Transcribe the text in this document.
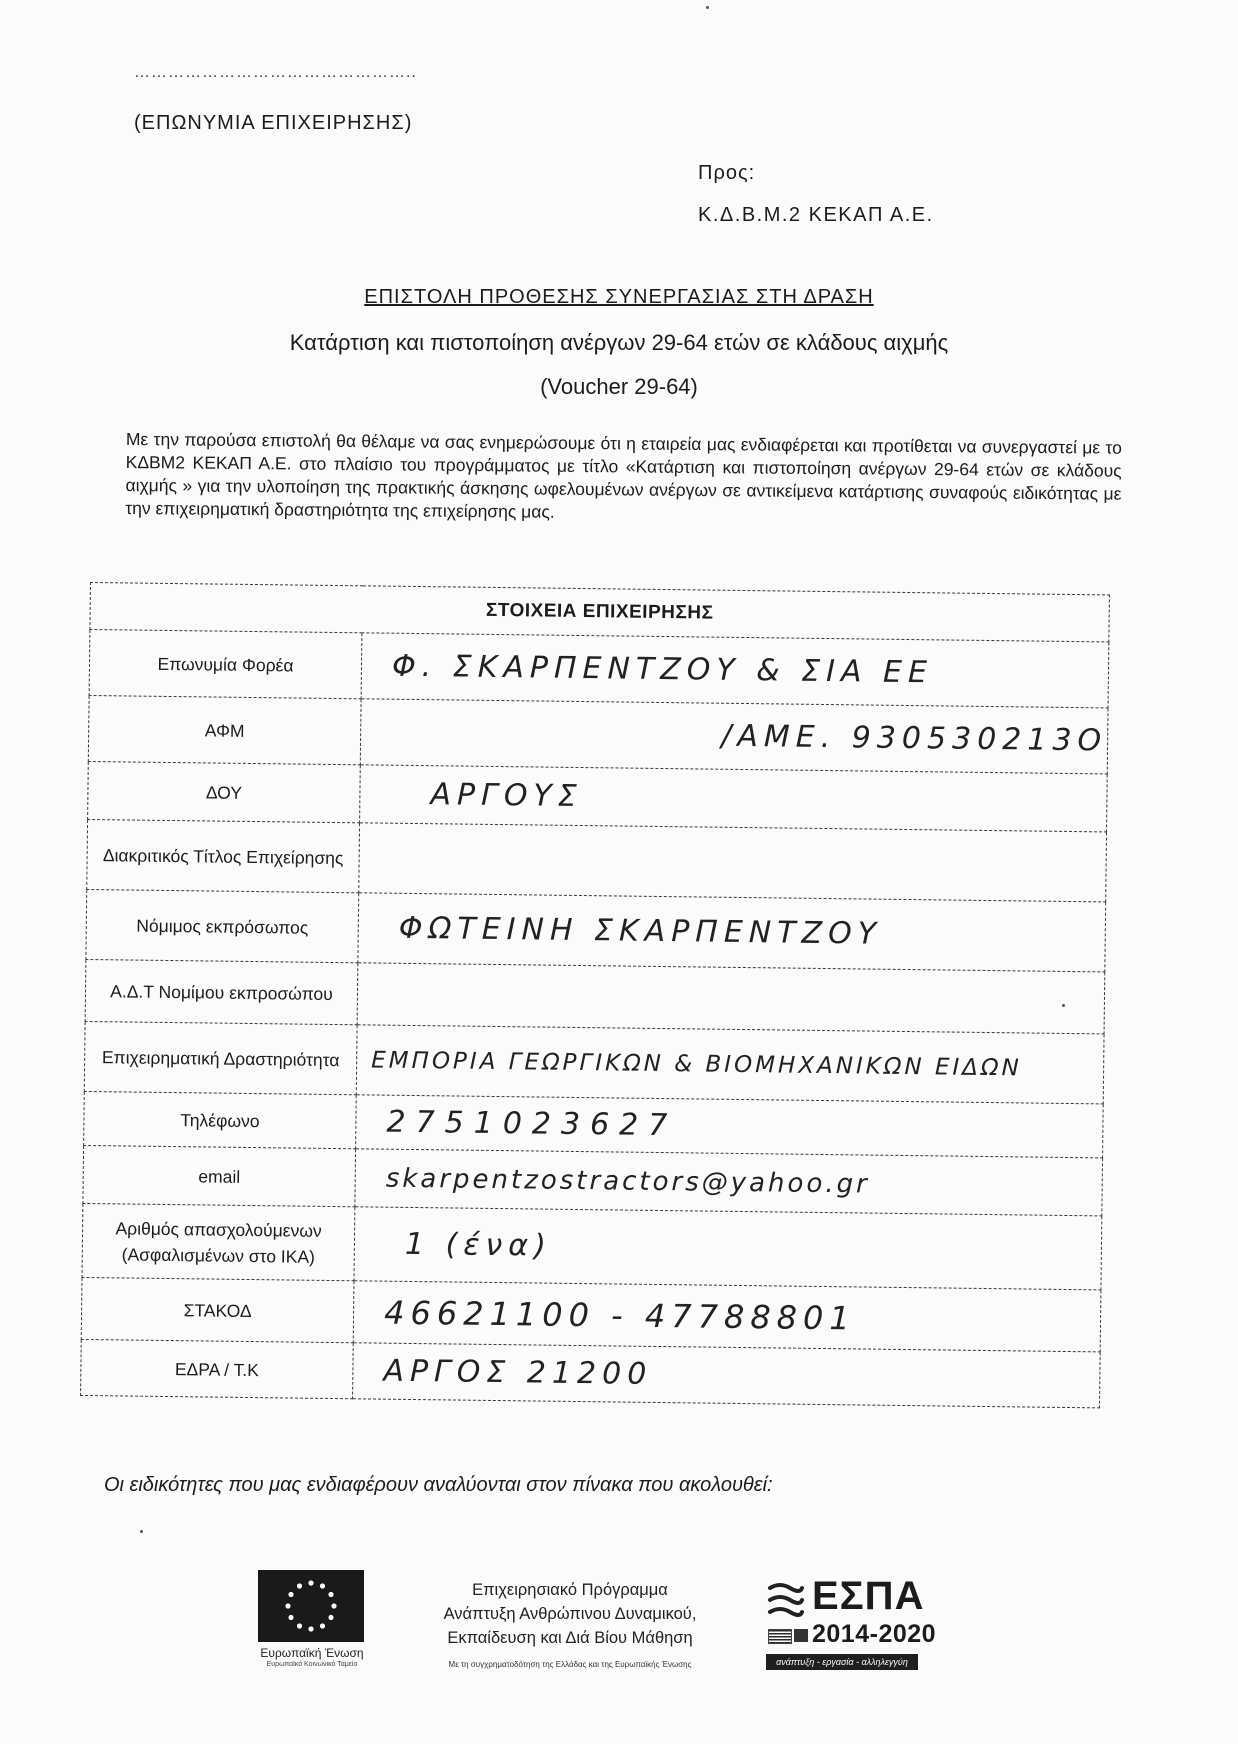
…………………………………………..
(ΕΠΩΝΥΜΙΑ ΕΠΙΧΕΙΡΗΣΗΣ)
Προς:
Κ.Δ.Β.Μ.2 ΚΕΚΑΠ Α.Ε.
ΕΠΙΣΤΟΛΗ ΠΡΟΘΕΣΗΣ ΣΥΝΕΡΓΑΣΙΑΣ ΣΤΗ ΔΡΑΣΗ
Κατάρτιση και πιστοποίηση ανέργων 29-64 ετών σε κλάδους αιχμής
(Voucher 29-64)
Με την παρούσα επιστολή θα θέλαμε να σας ενημερώσουμε ότι η εταιρεία μας ενδιαφέρεται και προτίθεται να συνεργαστεί με το ΚΔΒΜ2 ΚΕΚΑΠ Α.Ε. στο πλαίσιο του προγράμματος με τίτλο «Κατάρτιση και πιστοποίηση ανέργων 29-64 ετών σε κλάδους αιχμής » για την υλοποίηση της πρακτικής άσκησης ωφελουμένων ανέργων σε αντικείμενα κατάρτισης συναφούς ειδικότητας με την επιχειρηματική δραστηριότητα της επιχείρησης μας.
ΣΤΟΙΧΕΙΑ ΕΠΙΧΕΙΡΗΣΗΣ	
Επωνυμία Φορέα	Φ. ΣΚΑΡΠΕΝΤΖΟΥ & ΣΙΑ ΕΕ
ΑΦΜ	/ΑΜΕ. 930530213Ο
ΔΟΥ	ΑΡΓΟΥΣ
Διακριτικός Τίτλος Επιχείρησης	
Νόμιμος εκπρόσωπος	ΦΩΤΕΙΝΗ ΣΚΑΡΠΕΝΤΖΟΥ
Α.Δ.Τ Νομίμου εκπροσώπου	
Επιχειρηματική Δραστηριότητα	ΕΜΠΟΡΙΑ ΓΕΩΡΓΙΚΩΝ & ΒΙΟΜΗΧΑΝΙΚΩΝ ΕΙΔΩΝ
Τηλέφωνο	2751023627
email	skarpentzostractors@yahoo.gr
Αριθμός απασχολούμενων (Ασφαλισμένων στο ΙΚΑ)	1 (ένα)
ΣΤΑΚΟΔ	46621100 - 47788801
ΕΔΡΑ / Τ.Κ	ΑΡΓΟΣ 21200
Οι ειδικότητες που μας ενδιαφέρουν αναλύονται στον πίνακα που ακολουθεί:
Ευρωπαϊκή Ένωση
Ευρωπαϊκό Κοινωνικό Ταμείο
Επιχειρησιακό Πρόγραμμα
Ανάπτυξη Ανθρώπινου Δυναμικού,
Εκπαίδευση και Διά Βίου Μάθηση
Με τη συγχρηματοδότηση της Ελλάδας και της Ευρωπαϊκής Ένωσης
ΕΣΠΑ
2014-2020
ανάπτυξη - εργασία - αλληλεγγύη
